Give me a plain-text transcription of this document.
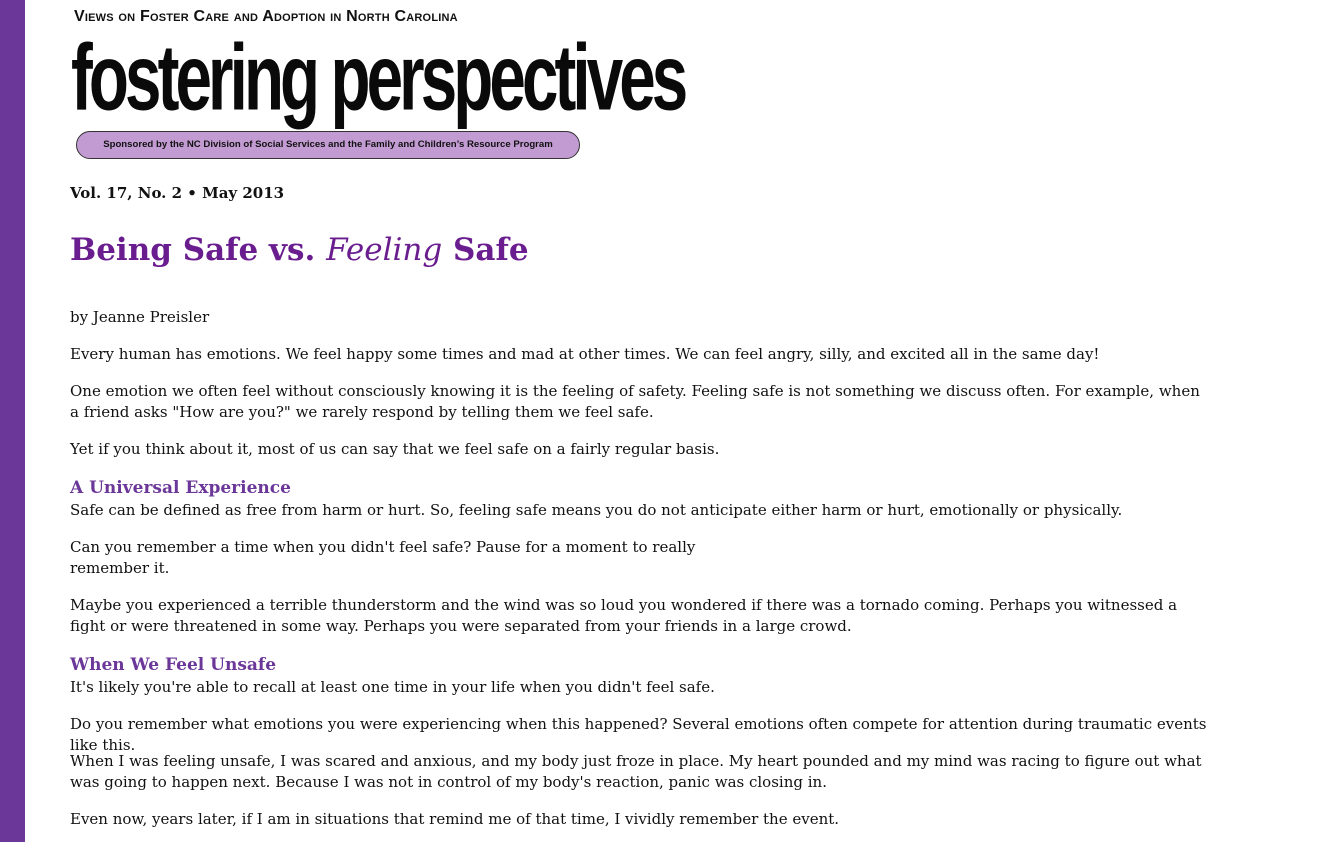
Views on Foster Care and Adoption in North Carolina
fostering perspectives
Sponsored by the NC Division of Social Services and the Family and Children’s Resource Program
Vol. 17, No. 2 • May 2013
Being Safe vs. Feeling Safe

by Jeanne Preisler

Every human has emotions. We feel happy some times and mad at other times. We can feel angry, silly, and excited all in the same day!

One emotion we often feel without consciously knowing it is the feeling of safety. Feeling safe is not something we discuss often. For example, when a friend asks "How are you?" we rarely respond by telling them we feel safe.

Yet if you think about it, most of us can say that we feel safe on a fairly regular basis.

A Universal Experience

Safe can be defined as free from harm or hurt. So, feeling safe means you do not anticipate either harm or hurt, emotionally or physically.

Can you remember a time when you didn't feel safe? Pause for a moment to really
remember it.

Maybe you experienced a terrible thunderstorm and the wind was so loud you wondered if there was a tornado coming. Perhaps you witnessed a fight or were threatened in some way. Perhaps you were separated from your friends in a large crowd.

When We Feel Unsafe

It's likely you're able to recall at least one time in your life when you didn't feel safe.

Do you remember what emotions you were experiencing when this happened? Several emotions often compete for attention during traumatic events like this.

When I was feeling unsafe, I was scared and anxious, and my body just froze in place. My heart pounded and my mind was racing to figure out what was going to happen next. Because I was not in control of my body's reaction, panic was closing in.

Even now, years later, if I am in situations that remind me of that time, I vividly remember the event.
